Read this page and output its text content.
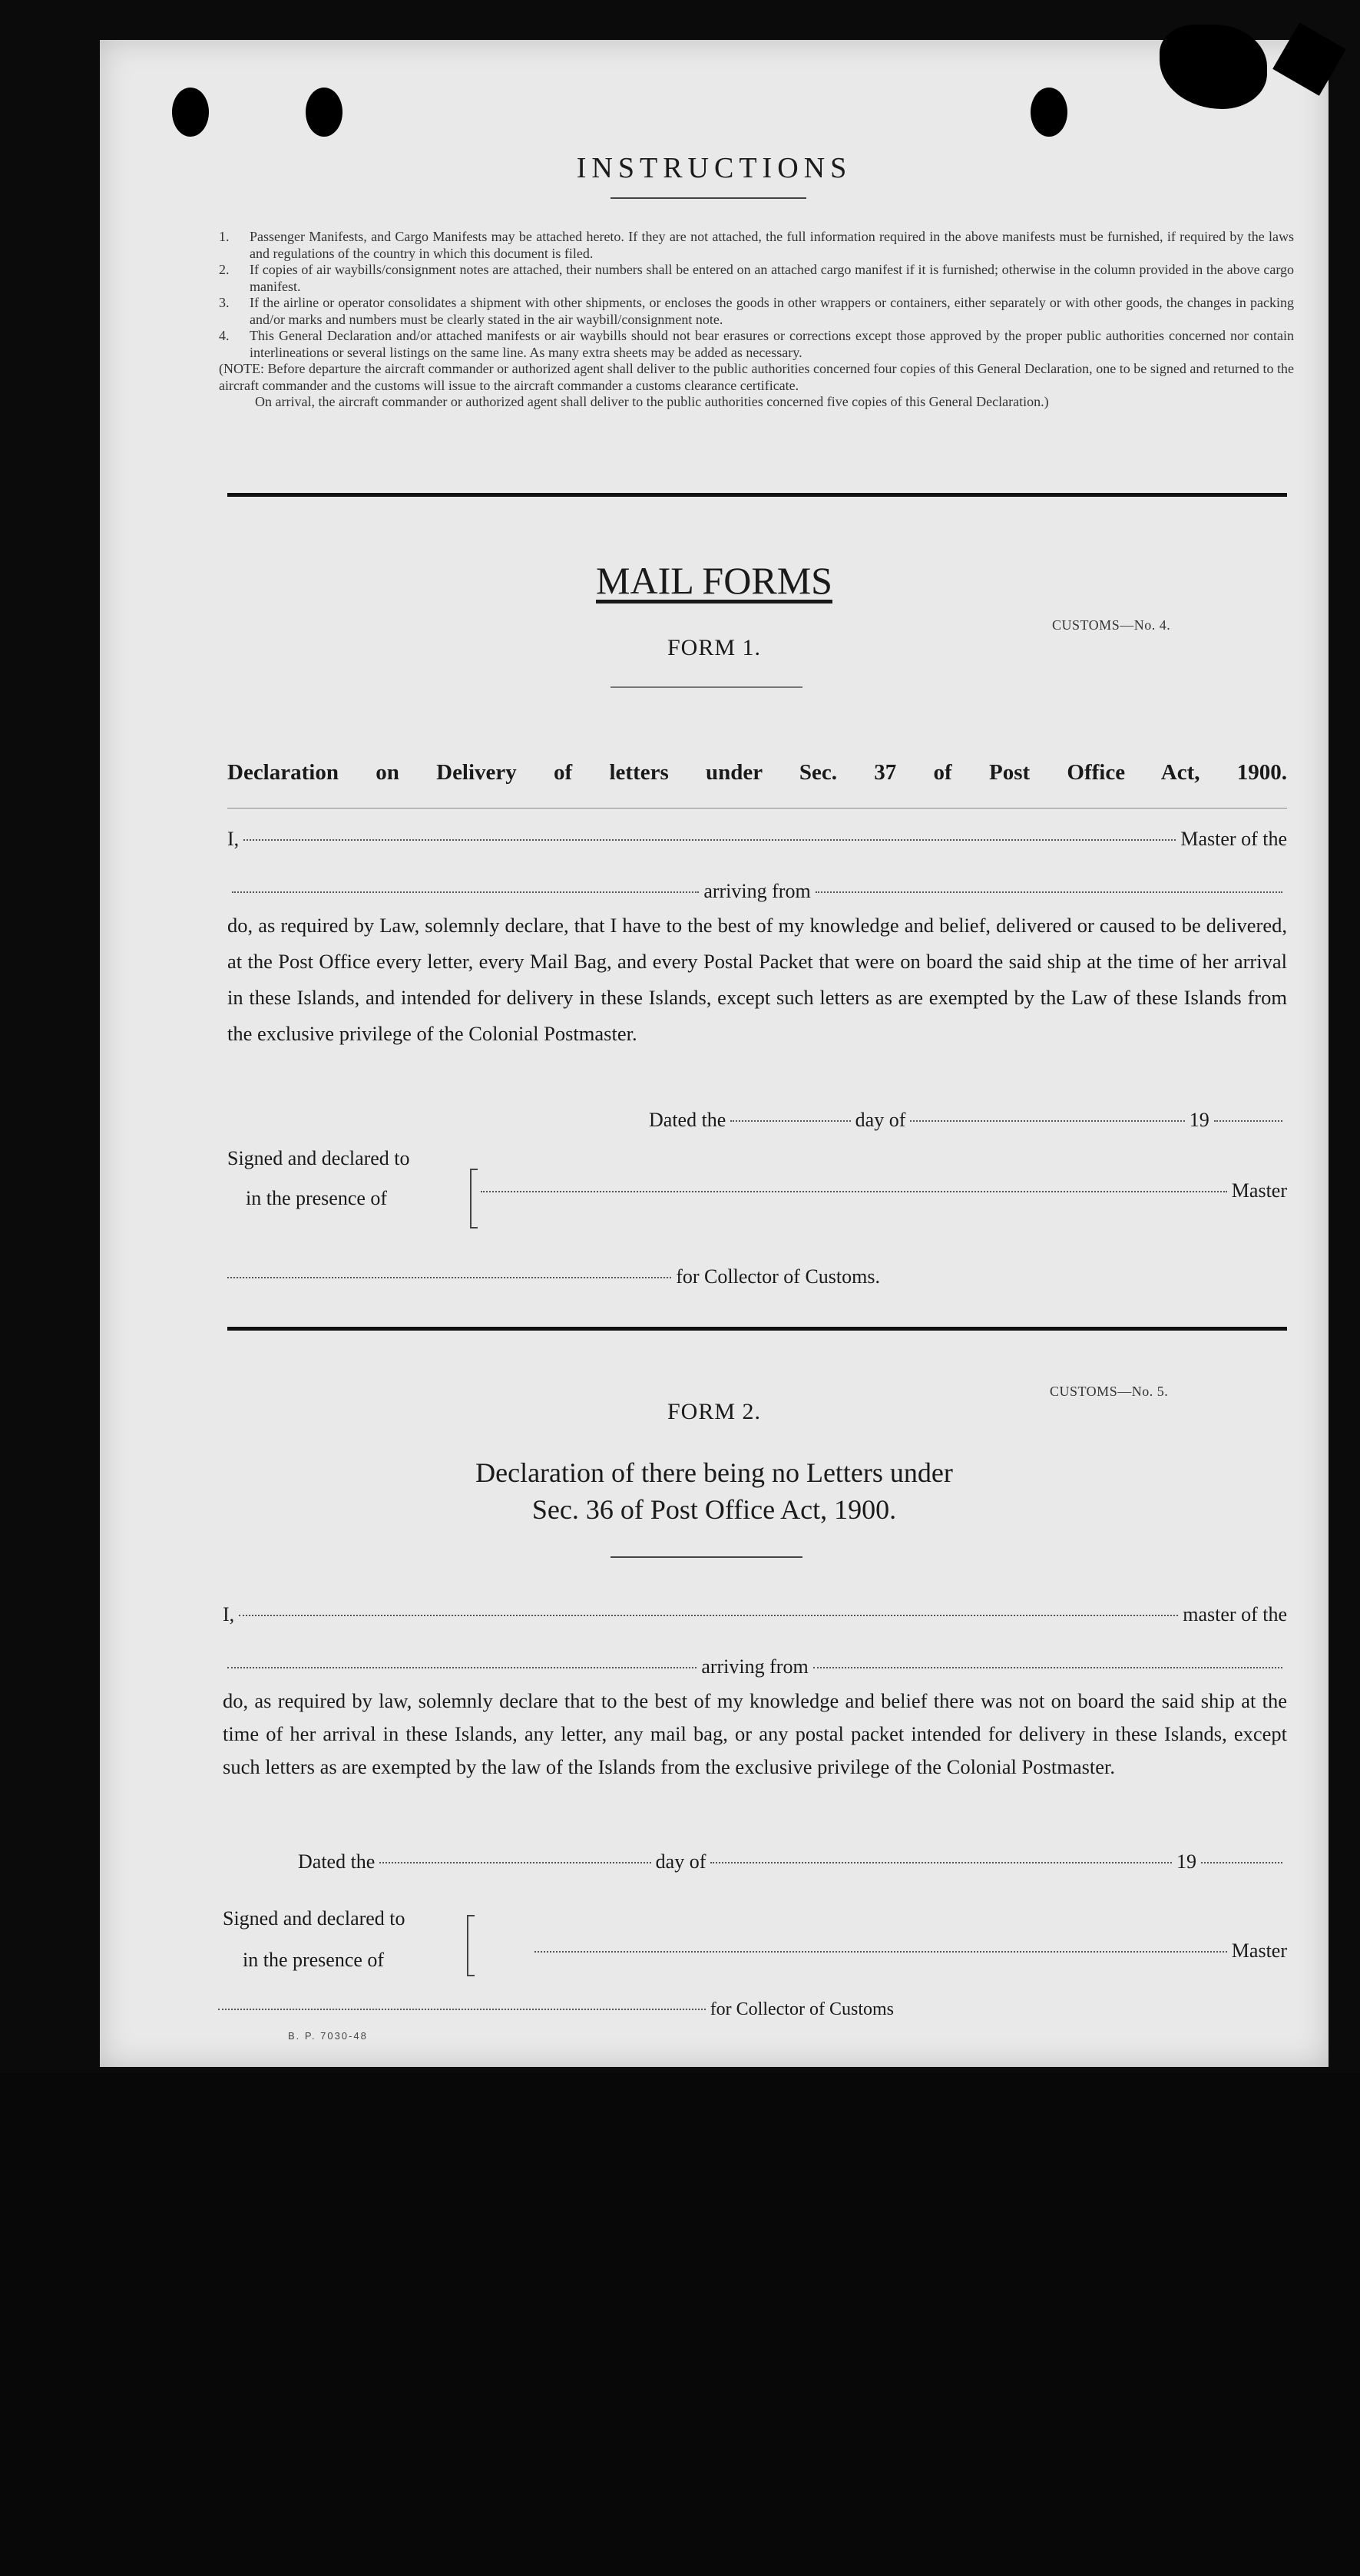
INSTRUCTIONS
1.	Passenger Manifests, and Cargo Manifests may be attached hereto. If they are not attached, the full information required in the above manifests must be furnished, if required by the laws and regulations of the country in which this document is filed.
2.	If copies of air waybills/consignment notes are attached, their numbers shall be entered on an attached cargo manifest if it is furnished; otherwise in the column provided in the above cargo manifest.
3.	If the airline or operator consolidates a shipment with other shipments, or encloses the goods in other wrappers or containers, either separately or with other goods, the changes in packing and/or marks and numbers must be clearly stated in the air waybill/consignment note.
4.	This General Declaration and/or attached manifests or air waybills should not bear erasures or corrections except those approved by the proper public authorities concerned nor contain interlineations or several listings on the same line. As many extra sheets may be added as necessary.
(NOTE: Before departure the aircraft commander or authorized agent shall deliver to the public authorities concerned four copies of this General Declaration, one to be signed and returned to the aircraft commander and the customs will issue to the aircraft commander a customs clearance certificate.
On arrival, the aircraft commander or authorized agent shall deliver to the public authorities concerned five copies of this General Declaration.)
MAIL FORMS
CUSTOMS—No. 4.
FORM 1.
Declaration on Delivery of letters under Sec. 37 of Post Office Act, 1900.
I,	Master of the
arriving from
do, as required by Law, solemnly declare, that I have to the best of my knowledge and belief, delivered or caused to be delivered, at the Post Office every letter, every Mail Bag, and every Postal Packet that were on board the said ship at the time of her arrival in these Islands, and intended for delivery in these Islands, except such letters as are exempted by the Law of these Islands from the exclusive privilege of the Colonial Postmaster.
Dated the	day of	19
Signed and declared to
in the presence of	Master
for Collector of Customs.
CUSTOMS—No. 5.
FORM 2.
Declaration of there being no Letters under
Sec. 36 of Post Office Act, 1900.
I,	master of the
arriving from
do, as required by law, solemnly declare that to the best of my knowledge and belief there was not on board the said ship at the time of her arrival in these Islands, any letter, any mail bag, or any postal packet intended for delivery in these Islands, except such letters as are exempted by the law of the Islands from the exclusive privilege of the Colonial Postmaster.
Dated the	day of	19
Signed and declared to
in the presence of	Master
for Collector of Customs
B. P. 7030-48
